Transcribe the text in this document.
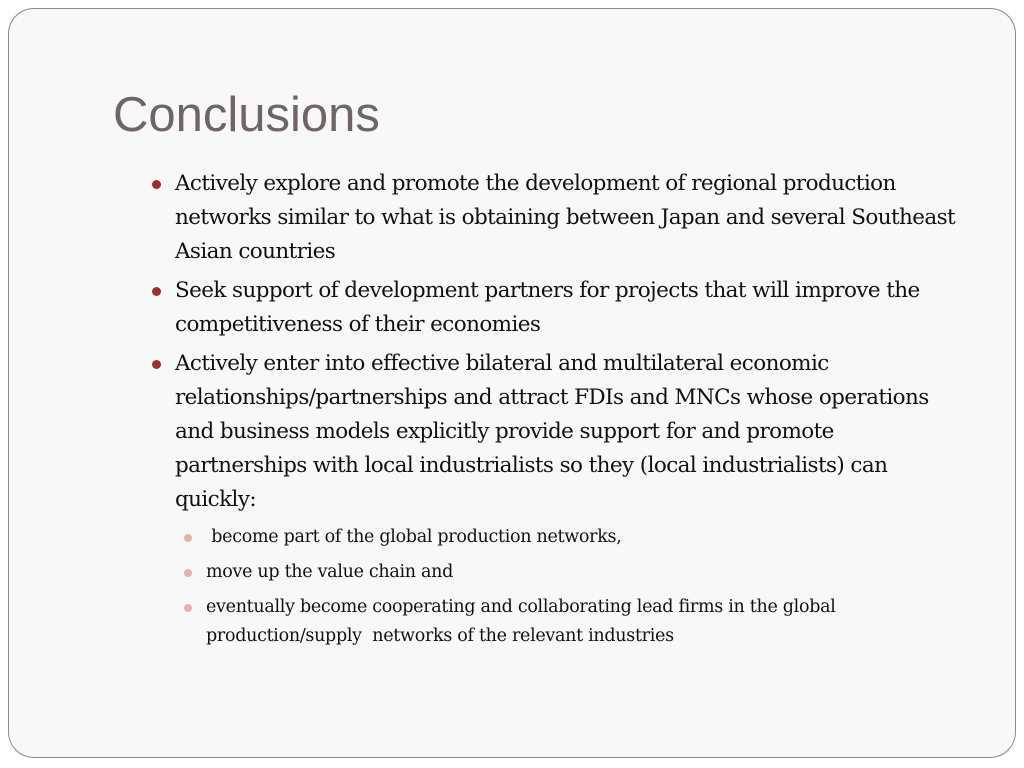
Conclusions
Actively explore and promote the development of regional production networks similar to what is obtaining between Japan and several Southeast Asian countries
Seek support of development partners for projects that will improve the competitiveness of their economies
Actively enter into effective bilateral and multilateral economic relationships/partnerships and attract FDIs and MNCs whose operations and business models explicitly provide support for and promote partnerships with local industrialists so they (local industrialists) can quickly:
become part of the global production networks,
move up the value chain and
eventually become cooperating and collaborating lead firms in the global production/supply  networks of the relevant industries
